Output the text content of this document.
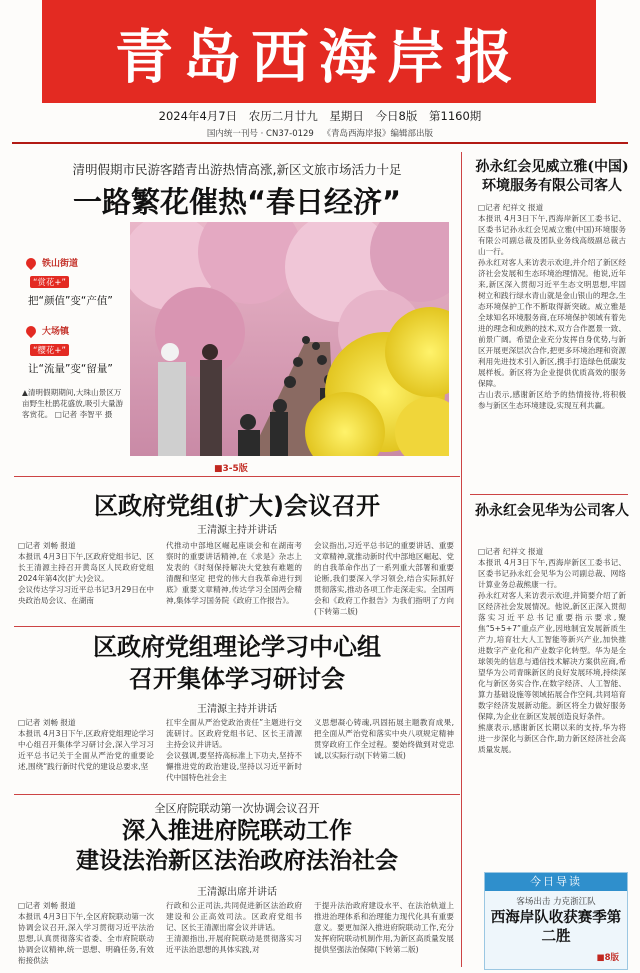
青岛西海岸报
2024年4月7日 农历二月廿九 星期日 今日8版 第1160期
国内统一刊号 · CN37-0129 《青岛西海岸报》编辑部出版
清明假期市民游客踏青出游热情高涨,新区文旅市场活力十足
一路繁花催热“春日经济”
铁山街道
“赏花+”
把“颜值”变“产值”
大场镇
“樱花+”
让“流量”变“留量”
▲清明假期期间,大珠山景区万亩野生杜鹃花盛放,吸引大量游客赏花。 □记者 李智平 摄
■3-5版
区政府党组(扩大)会议召开
王清源主持并讲话
□记者 刘畅 报道
本报讯 4月3日下午,区政府党组书记、区长王清源主持召开黄岛区人民政府党组2024年第4次(扩大)会议。
会议传达学习习近平总书记3月29日在中央政治局会议、在湖南
代推动中部地区崛起座谈会和在湖南考察时的重要讲话精神,在《求是》杂志上发表的《时刻保持解决大党独有难题的清醒和坚定 把党的伟大自我革命进行到底》重要文章精神,传达学习全国两会精神,集体学习国务院《政府工作报告》。
会议指出,习近平总书记的重要讲话、重要文章精神,就推动新时代中部地区崛起、党的自我革命作出了一系列重大部署和重要论断,我们要深入学习领会,结合实际抓好贯彻落实,推动各项工作走深走实。全国两会和《政府工作报告》为我们指明了方向(下转第二版)
区政府党组理论学习中心组
召开集体学习研讨会
王清源主持并讲话
□记者 刘畅 报道
本报讯 4月3日下午,区政府党组理论学习中心组召开集体学习研讨会,深入学习习近平总书记关于全面从严治党的重要论述,围绕“践行新时代党的建设总要求,坚
扛牢全面从严治党政治责任”主题进行交流研讨。区政府党组书记、区长王清源主持会议并讲话。
会议强调,要坚持高标准上下功夫,坚持不懈推进党的政治建设,坚持以习近平新时代中国特色社会主
义思想凝心铸魂,巩固拓展主题教育成果,把全面从严治党和落实中央八项规定精神贯穿政府工作全过程。要始终做到对党忠诚,以实际行动(下转第二版)
全区府院联动第一次协调会议召开
深入推进府院联动工作
建设法治新区法治政府法治社会
王清源出席并讲话
□记者 刘畅 报道
本报讯 4月3日下午,全区府院联动第一次协调会议召开,深入学习贯彻习近平法治思想,认真贯彻落实省委、全市府院联动协调会议精神,统一思想、明确任务,有效衔接供法
行政和公正司法,共同促进新区法治政府建设和公正高效司法。区政府党组书记、区长王清源出席会议并讲话。
王清源指出,开展府院联动是贯彻落实习近平法治思想的具体实践,对
于提升法治政府建设水平、在法治轨道上推进治理体系和治理能力现代化具有重要意义。要更加深入推进府院联动工作,充分发挥府院联动机制作用,为新区高质量发展提供坚强法治保障(下转第二版)
孙永红会见威立雅(中国)环境服务有限公司客人
□记者 纪祥文 报道
本报讯 4月3日下午,西海岸新区工委书记、区委书记孙永红会见威立雅(中国)环境服务有限公司副总裁及团队业务线高级副总裁古山一行。
孙永红对客人来访表示欢迎,并介绍了新区经济社会发展和生态环境治理情况。他说,近年来,新区深入贯彻习近平生态文明思想,牢固树立和践行绿水青山就是金山银山的理念,生态环境保护工作不断取得新突破。威立雅是全球知名环境服务商,在环境保护领域有着先进的理念和成熟的技术,双方合作愿景一致、前景广阔。希望企业充分发挥自身优势,与新区开展更深层次合作,把更多环境治理和资源利用先进技术引入新区,携手打造绿色低碳发展样板。新区将为企业提供优质高效的服务保障。
古山表示,感谢新区给予的热情接待,将积极参与新区生态环境建设,实现互利共赢。
孙永红会见华为公司客人
□记者 纪祥文 报道
本报讯 4月3日下午,西海岸新区工委书记、区委书记孙永红会见华为公司副总裁、网络计算业务总裁熊康一行。
孙永红对客人来访表示欢迎,并简要介绍了新区经济社会发展情况。他说,新区正深入贯彻落实习近平总书记重要指示要求,聚焦“5+5+7”重点产业,因地制宜发展新质生产力,培育壮大人工智能等新兴产业,加快推进数字产业化和产业数字化转型。华为是全球领先的信息与通信技术解决方案供应商,希望华为公司青睐新区的良好发展环境,持续深化与新区务实合作,在数字经济、人工智能、算力基础设施等领域拓展合作空间,共同培育数字经济发展新动能。新区将全力做好服务保障,为企业在新区发展创造良好条件。
熊康表示,感谢新区长期以来的支持,华为将进一步深化与新区合作,助力新区经济社会高质量发展。
今日导读
客场出击 力克浙江队
西海岸队收获赛季第二胜
■8版
